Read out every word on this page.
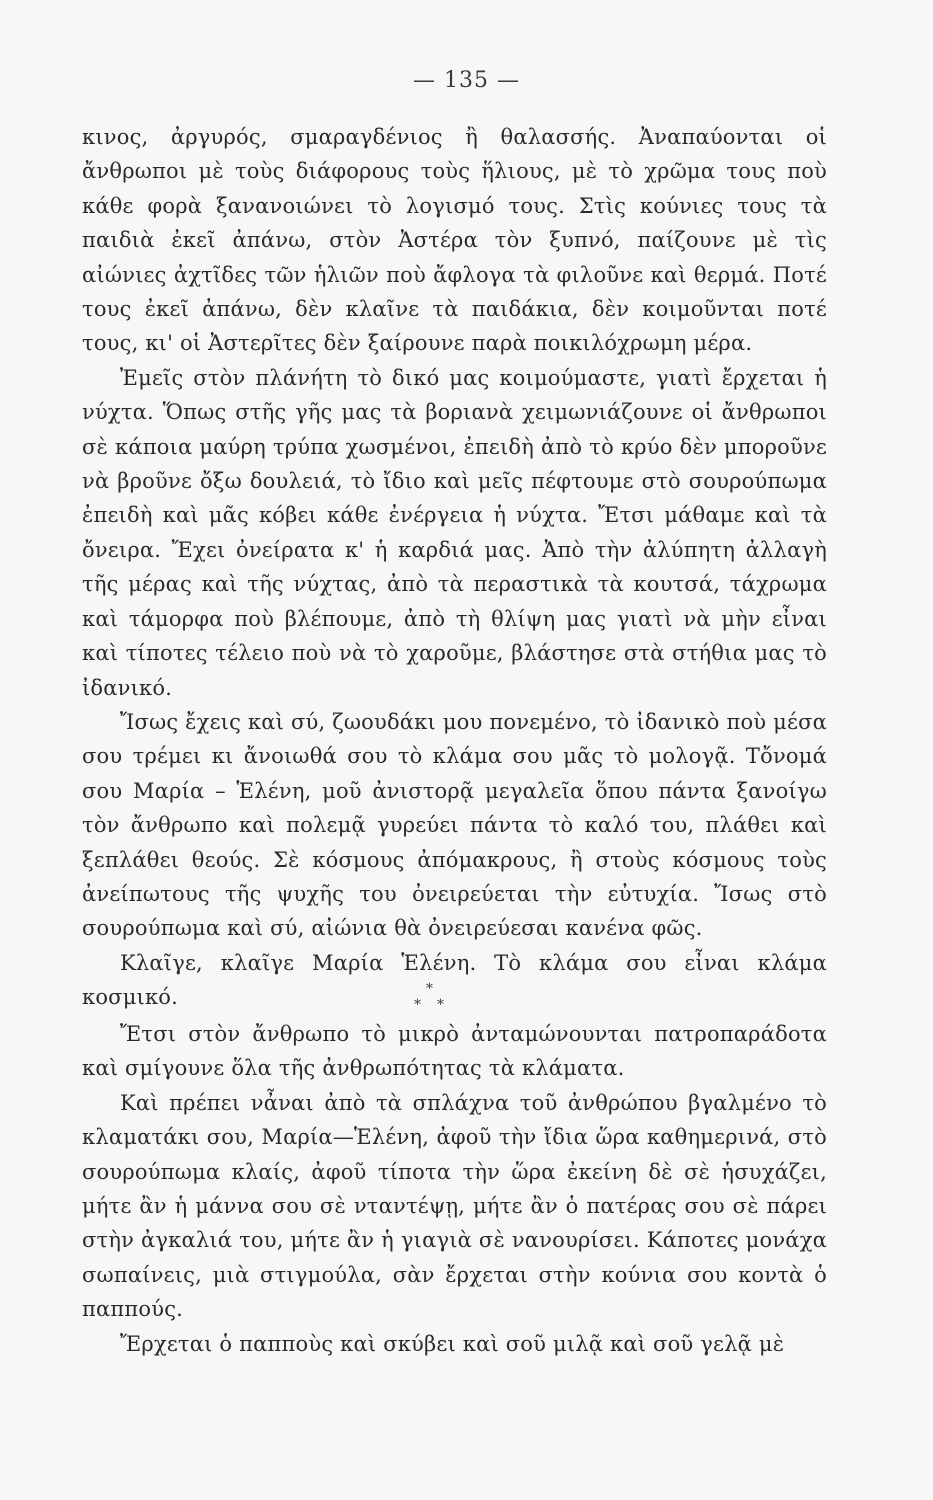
— 135 —

κινος, ἀργυρός, σμαραγδένιος ἢ θαλασσής. Ἀναπαύονται οἱ ἄνθρωποι μὲ τοὺς διάφορους τοὺς ἥλιους, μὲ τὸ χρῶμα τους ποὺ κάθε φορὰ ξανανοιώνει τὸ λογισμό τους. Στὶς κούνιες τους τὰ παιδιὰ ἐκεῖ ἀπάνω, στὸν Ἀστέρα τὸν ξυπνό, παίζουνε μὲ τὶς αἰώνιες ἀχτῖδες τῶν ἡλιῶν ποὺ ἄφλογα τὰ φιλοῦνε καὶ θερμά. Ποτέ τους ἐκεῖ ἀπάνω, δὲν κλαῖνε τὰ παιδάκια, δὲν κοιμοῦνται ποτέ τους, κι' οἱ Ἀστερῖτες δὲν ξαίρουνε παρὰ ποικιλόχρωμη μέρα.

Ἐμεῖς στὸν πλάνήτη τὸ δικό μας κοιμούμαστε, γιατὶ ἔρχεται ἡ νύχτα. Ὅπως στῆς γῆς μας τὰ βοριανὰ χειμωνιάζουνε οἱ ἄνθρωποι σὲ κάποια μαύρη τρύπα χωσμένοι, ἐπειδὴ ἀπὸ τὸ κρύο δὲν μποροῦνε νὰ βροῦνε ὄξω δουλειά, τὸ ἴδιο καὶ μεῖς πέφτουμε στὸ σουρούπωμα ἐπειδὴ καὶ μᾶς κόβει κάθε ἐνέργεια ἡ νύχτα. Ἔτσι μάθαμε καὶ τὰ ὄνειρα. Ἔχει ὀνείρατα κ' ἡ καρδιά μας. Ἀπὸ τὴν ἀλύπητη ἀλλαγὴ τῆς μέρας καὶ τῆς νύχτας, ἀπὸ τὰ περαστικὰ τὰ κουτσά, τάχρωμα καὶ τάμορφα ποὺ βλέπουμε, ἀπὸ τὴ θλίψη μας γιατὶ νὰ μὴν εἶναι καὶ τίποτες τέλειο ποὺ νὰ τὸ χαροῦμε, βλάστησε στὰ στήθια μας τὸ ἰδανικό.

Ἴσως ἔχεις καὶ σύ, ζωουδάκι μου πονεμένο, τὸ ἰδανικὸ ποὺ μέσα σου τρέμει κι ἄνοιωθά σου τὸ κλάμα σου μᾶς τὸ μολογᾷ. Τὄνομά σου Μαρία – Ἑλένη, μοῦ ἀνιστορᾷ μεγαλεῖα ὅπου πάντα ξανοίγω τὸν ἄνθρωπο καὶ πολεμᾷ γυρεύει πάντα τὸ καλό του, πλάθει καὶ ξεπλάθει θεούς. Σὲ κόσμους ἀπόμακρους, ἢ στοὺς κόσμους τοὺς ἀνείπωτους τῆς ψυχῆς του ὀνειρεύεται τὴν εὐτυχία. Ἴσως στὸ σουρούπωμα καὶ σύ, αἰώνια θὰ ὀνειρεύεσαι κανένα φῶς.

Κλαῖγε, κλαῖγε Μαρία Ἑλένη. Τὸ κλάμα σου εἶναι κλάμα κοσμικό.	*
* *

Ἔτσι στὸν ἄνθρωπο τὸ μικρὸ ἀνταμώνουνται πατροπαράδοτα καὶ σμίγουνε ὅλα τῆς ἀνθρωπότητας τὰ κλάματα.

Καὶ πρέπει νἆναι ἀπὸ τὰ σπλάχνα τοῦ ἀνθρώπου βγαλμένο τὸ κλαματάκι σου, Μαρία—Ἑλένη, ἀφοῦ τὴν ἴδια ὥρα καθημερινά, στὸ σουρούπωμα κλαίς, ἀφοῦ τίποτα τὴν ὥρα ἐκείνη δὲ σὲ ἡσυχάζει, μήτε ἂν ἡ μάννα σου σὲ νταντέψῃ, μήτε ἂν ὁ πατέρας σου σὲ πάρει στὴν ἀγκαλιά του, μήτε ἂν ἡ γιαγιὰ σὲ νανουρίσει. Κάποτες μονάχα σωπαίνεις, μιὰ στιγμούλα, σὰν ἔρχεται στὴν κούνια σου κοντὰ ὁ παππούς.

Ἔρχεται ὁ παπποὺς καὶ σκύβει καὶ σοῦ μιλᾷ καὶ σοῦ γελᾷ μὲ
